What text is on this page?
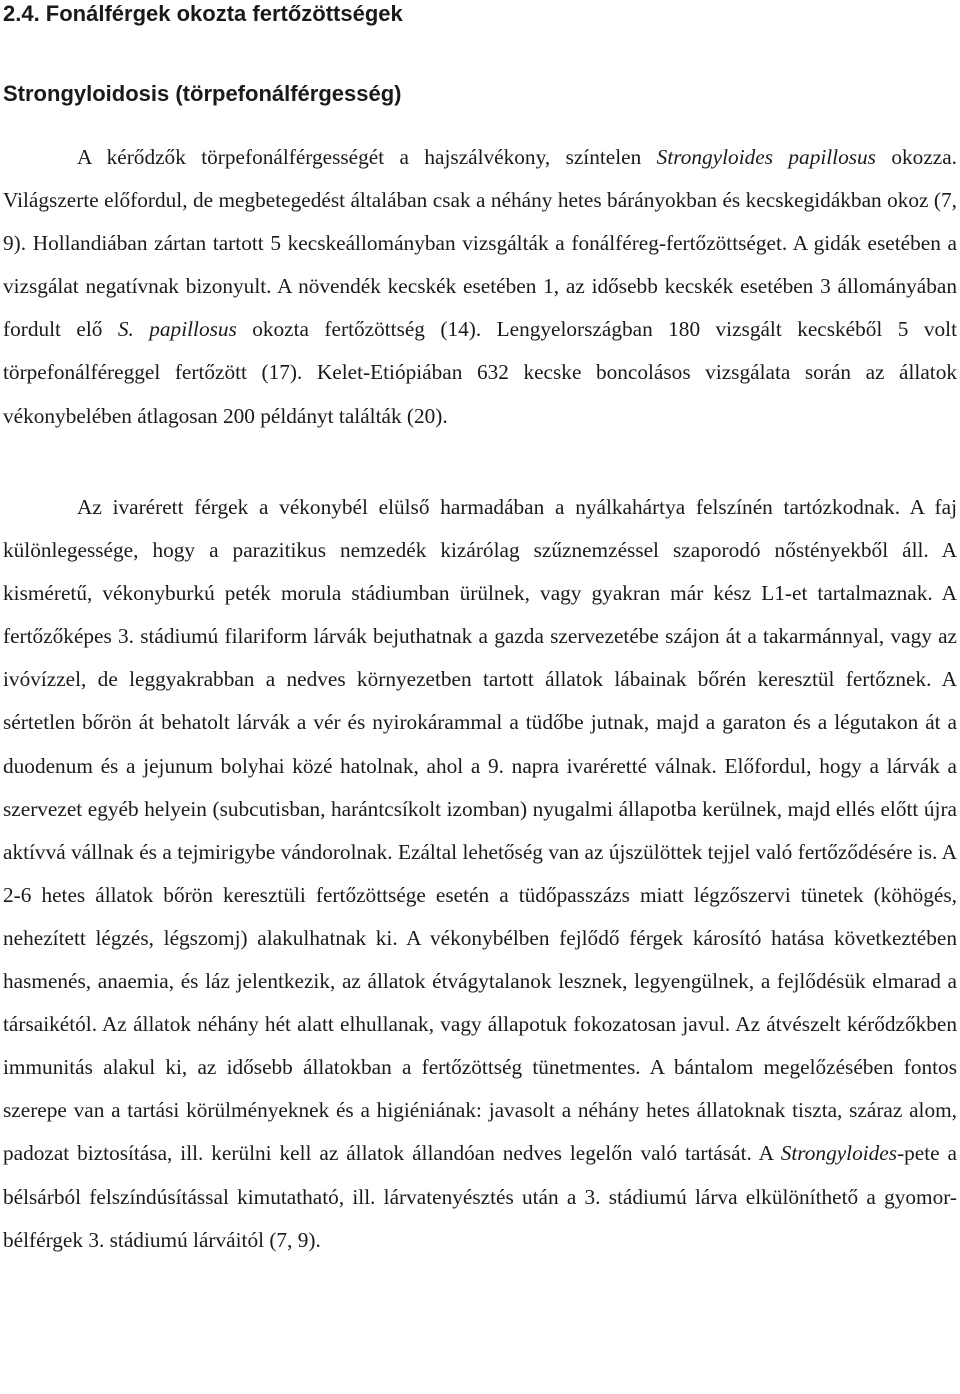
2.4. Fonálférgek okozta fertőzöttségek
Strongyloidosis (törpefonálférgesség)

A kérődzők törpefonálférgességét a hajszálvékony, színtelen Strongyloides papillosus okozza. Világszerte előfordul, de megbetegedést általában csak a néhány hetes bárányokban és kecskegidákban okoz (7, 9). Hollandiában zártan tartott 5 kecskeállományban vizsgálták a fonálféreg-fertőzöttséget. A gidák esetében a vizsgálat negatívnak bizonyult. A növendék kecskék esetében 1, az idősebb kecskék esetében 3 állományában fordult elő S. papillosus okozta fertőzöttség (14). Lengyelországban 180 vizsgált kecskéből 5 volt törpefonálféreggel fertőzött (17). Kelet-Etiópiában 632 kecske boncolásos vizsgálata során az állatok vékonybelében átlagosan 200 példányt találták (20).

Az ivarérett férgek a vékonybél elülső harmadában a nyálkahártya felszínén tartózkodnak. A faj különlegessége, hogy a parazitikus nemzedék kizárólag szűznemzéssel szaporodó nőstényekből áll. A kisméretű, vékonyburkú peték morula stádiumban ürülnek, vagy gyakran már kész L1-et tartalmaznak. A fertőzőképes 3. stádiumú filariform lárvák bejuthatnak a gazda szervezetébe szájon át a takarmánnyal, vagy az ivóvízzel, de leggyakrabban a nedves környezetben tartott állatok lábainak bőrén keresztül fertőznek. A sértetlen bőrön át behatolt lárvák a vér és nyirokárammal a tüdőbe jutnak, majd a garaton és a légutakon át a duodenum és a jejunum bolyhai közé hatolnak, ahol a 9. napra ivaréretté válnak. Előfordul, hogy a lárvák a szervezet egyéb helyein (subcutisban, harántcsíkolt izomban) nyugalmi állapotba kerülnek, majd ellés előtt újra aktívvá vállnak és a tejmirigybe vándorolnak. Ezáltal lehetőség van az újszülöttek tejjel való fertőződésére is. A 2-6 hetes állatok bőrön keresztüli fertőzöttsége esetén a tüdőpasszázs miatt légzőszervi tünetek (köhögés, nehezített légzés, légszomj) alakulhatnak ki. A vékonybélben fejlődő férgek károsító hatása következtében hasmenés, anaemia, és láz jelentkezik, az állatok étvágytalanok lesznek, legyengülnek, a fejlődésük elmarad a társaikétól. Az állatok néhány hét alatt elhullanak, vagy állapotuk fokozatosan javul. Az átvészelt kérődzőkben immunitás alakul ki, az idősebb állatokban a fertőzöttség tünetmentes. A bántalom megelőzésében fontos szerepe van a tartási körülményeknek és a higiéniának: javasolt a néhány hetes állatoknak tiszta, száraz alom, padozat biztosítása, ill. kerülni kell az állatok állandóan nedves legelőn való tartását. A Strongyloides-pete a bélsárból felszíndúsítással kimutatható, ill. lárvatenyésztés után a 3. stádiumú lárva elkülöníthető a gyomor-bélférgek 3. stádiumú lárváitól (7, 9).
